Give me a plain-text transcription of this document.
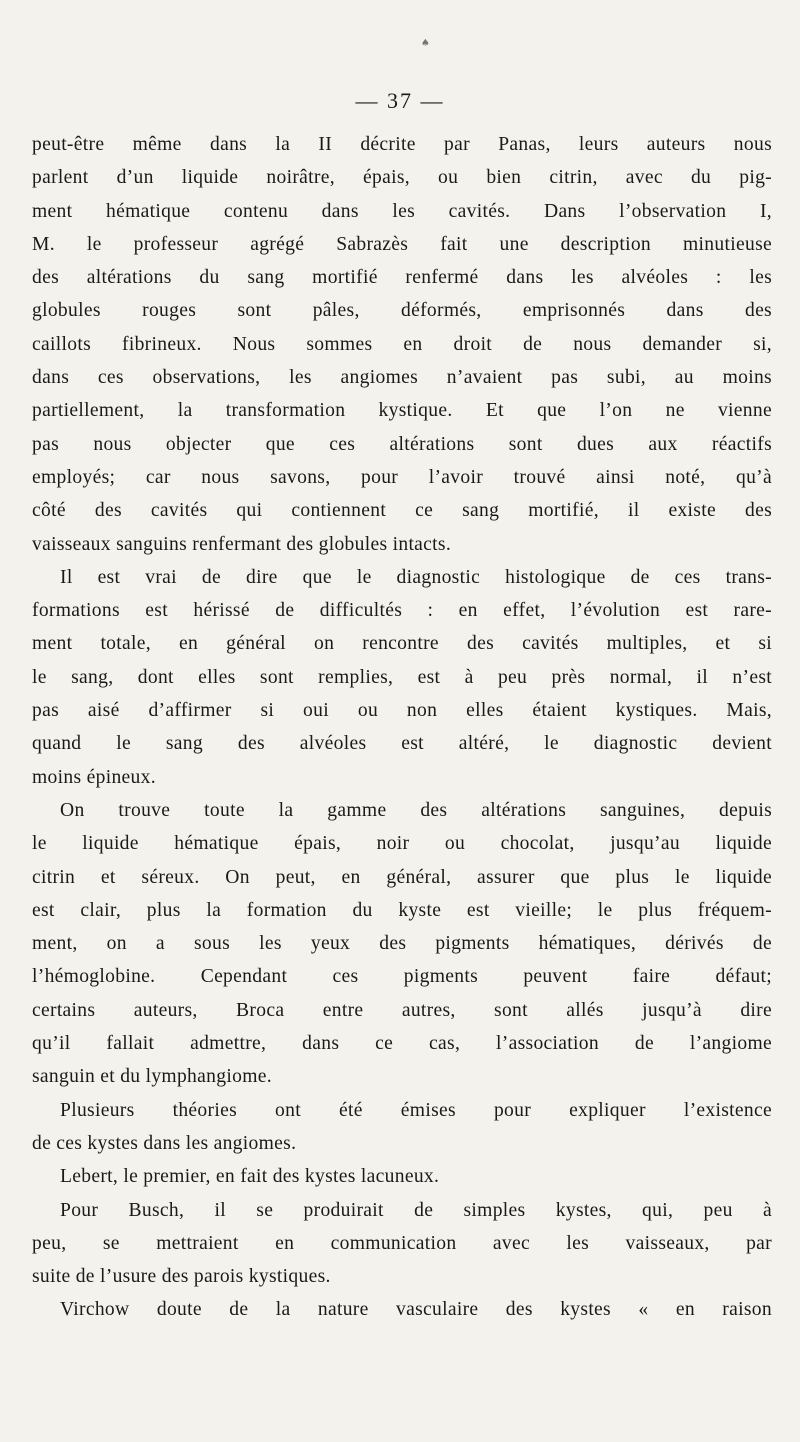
♠
— 37 —
peut-être même dans la II décrite par Panas, leurs auteurs nous
parlent d’un liquide noirâtre, épais, ou bien citrin, avec du pig-
ment hématique contenu dans les cavités. Dans l’observation I,
M. le professeur agrégé Sabrazès fait une description minutieuse
des altérations du sang mortifié renfermé dans les alvéoles : les
globules rouges sont pâles, déformés, emprisonnés dans des
caillots fibrineux. Nous sommes en droit de nous demander si,
dans ces observations, les angiomes n’avaient pas subi, au moins
partiellement, la transformation kystique. Et que l’on ne vienne
pas nous objecter que ces altérations sont dues aux réactifs
employés; car nous savons, pour l’avoir trouvé ainsi noté, qu’à
côté des cavités qui contiennent ce sang mortifié, il existe des
vaisseaux sanguins renfermant des globules intacts.
Il est vrai de dire que le diagnostic histologique de ces trans-
formations est hérissé de difficultés : en effet, l’évolution est rare-
ment totale, en général on rencontre des cavités multiples, et si
le sang, dont elles sont remplies, est à peu près normal, il n’est
pas aisé d’affirmer si oui ou non elles étaient kystiques. Mais,
quand le sang des alvéoles est altéré, le diagnostic devient
moins épineux.
On trouve toute la gamme des altérations sanguines, depuis
le liquide hématique épais, noir ou chocolat, jusqu’au liquide
citrin et séreux. On peut, en général, assurer que plus le liquide
est clair, plus la formation du kyste est vieille; le plus fréquem-
ment, on a sous les yeux des pigments hématiques, dérivés de
l’hémoglobine. Cependant ces pigments peuvent faire défaut;
certains auteurs, Broca entre autres, sont allés jusqu’à dire
qu’il fallait admettre, dans ce cas, l’association de l’angiome
sanguin et du lymphangiome.
Plusieurs théories ont été émises pour expliquer l’existence
de ces kystes dans les angiomes.
Lebert, le premier, en fait des kystes lacuneux.
Pour Busch, il se produirait de simples kystes, qui, peu à
peu, se mettraient en communication avec les vaisseaux, par
suite de l’usure des parois kystiques.
Virchow doute de la nature vasculaire des kystes « en raison
